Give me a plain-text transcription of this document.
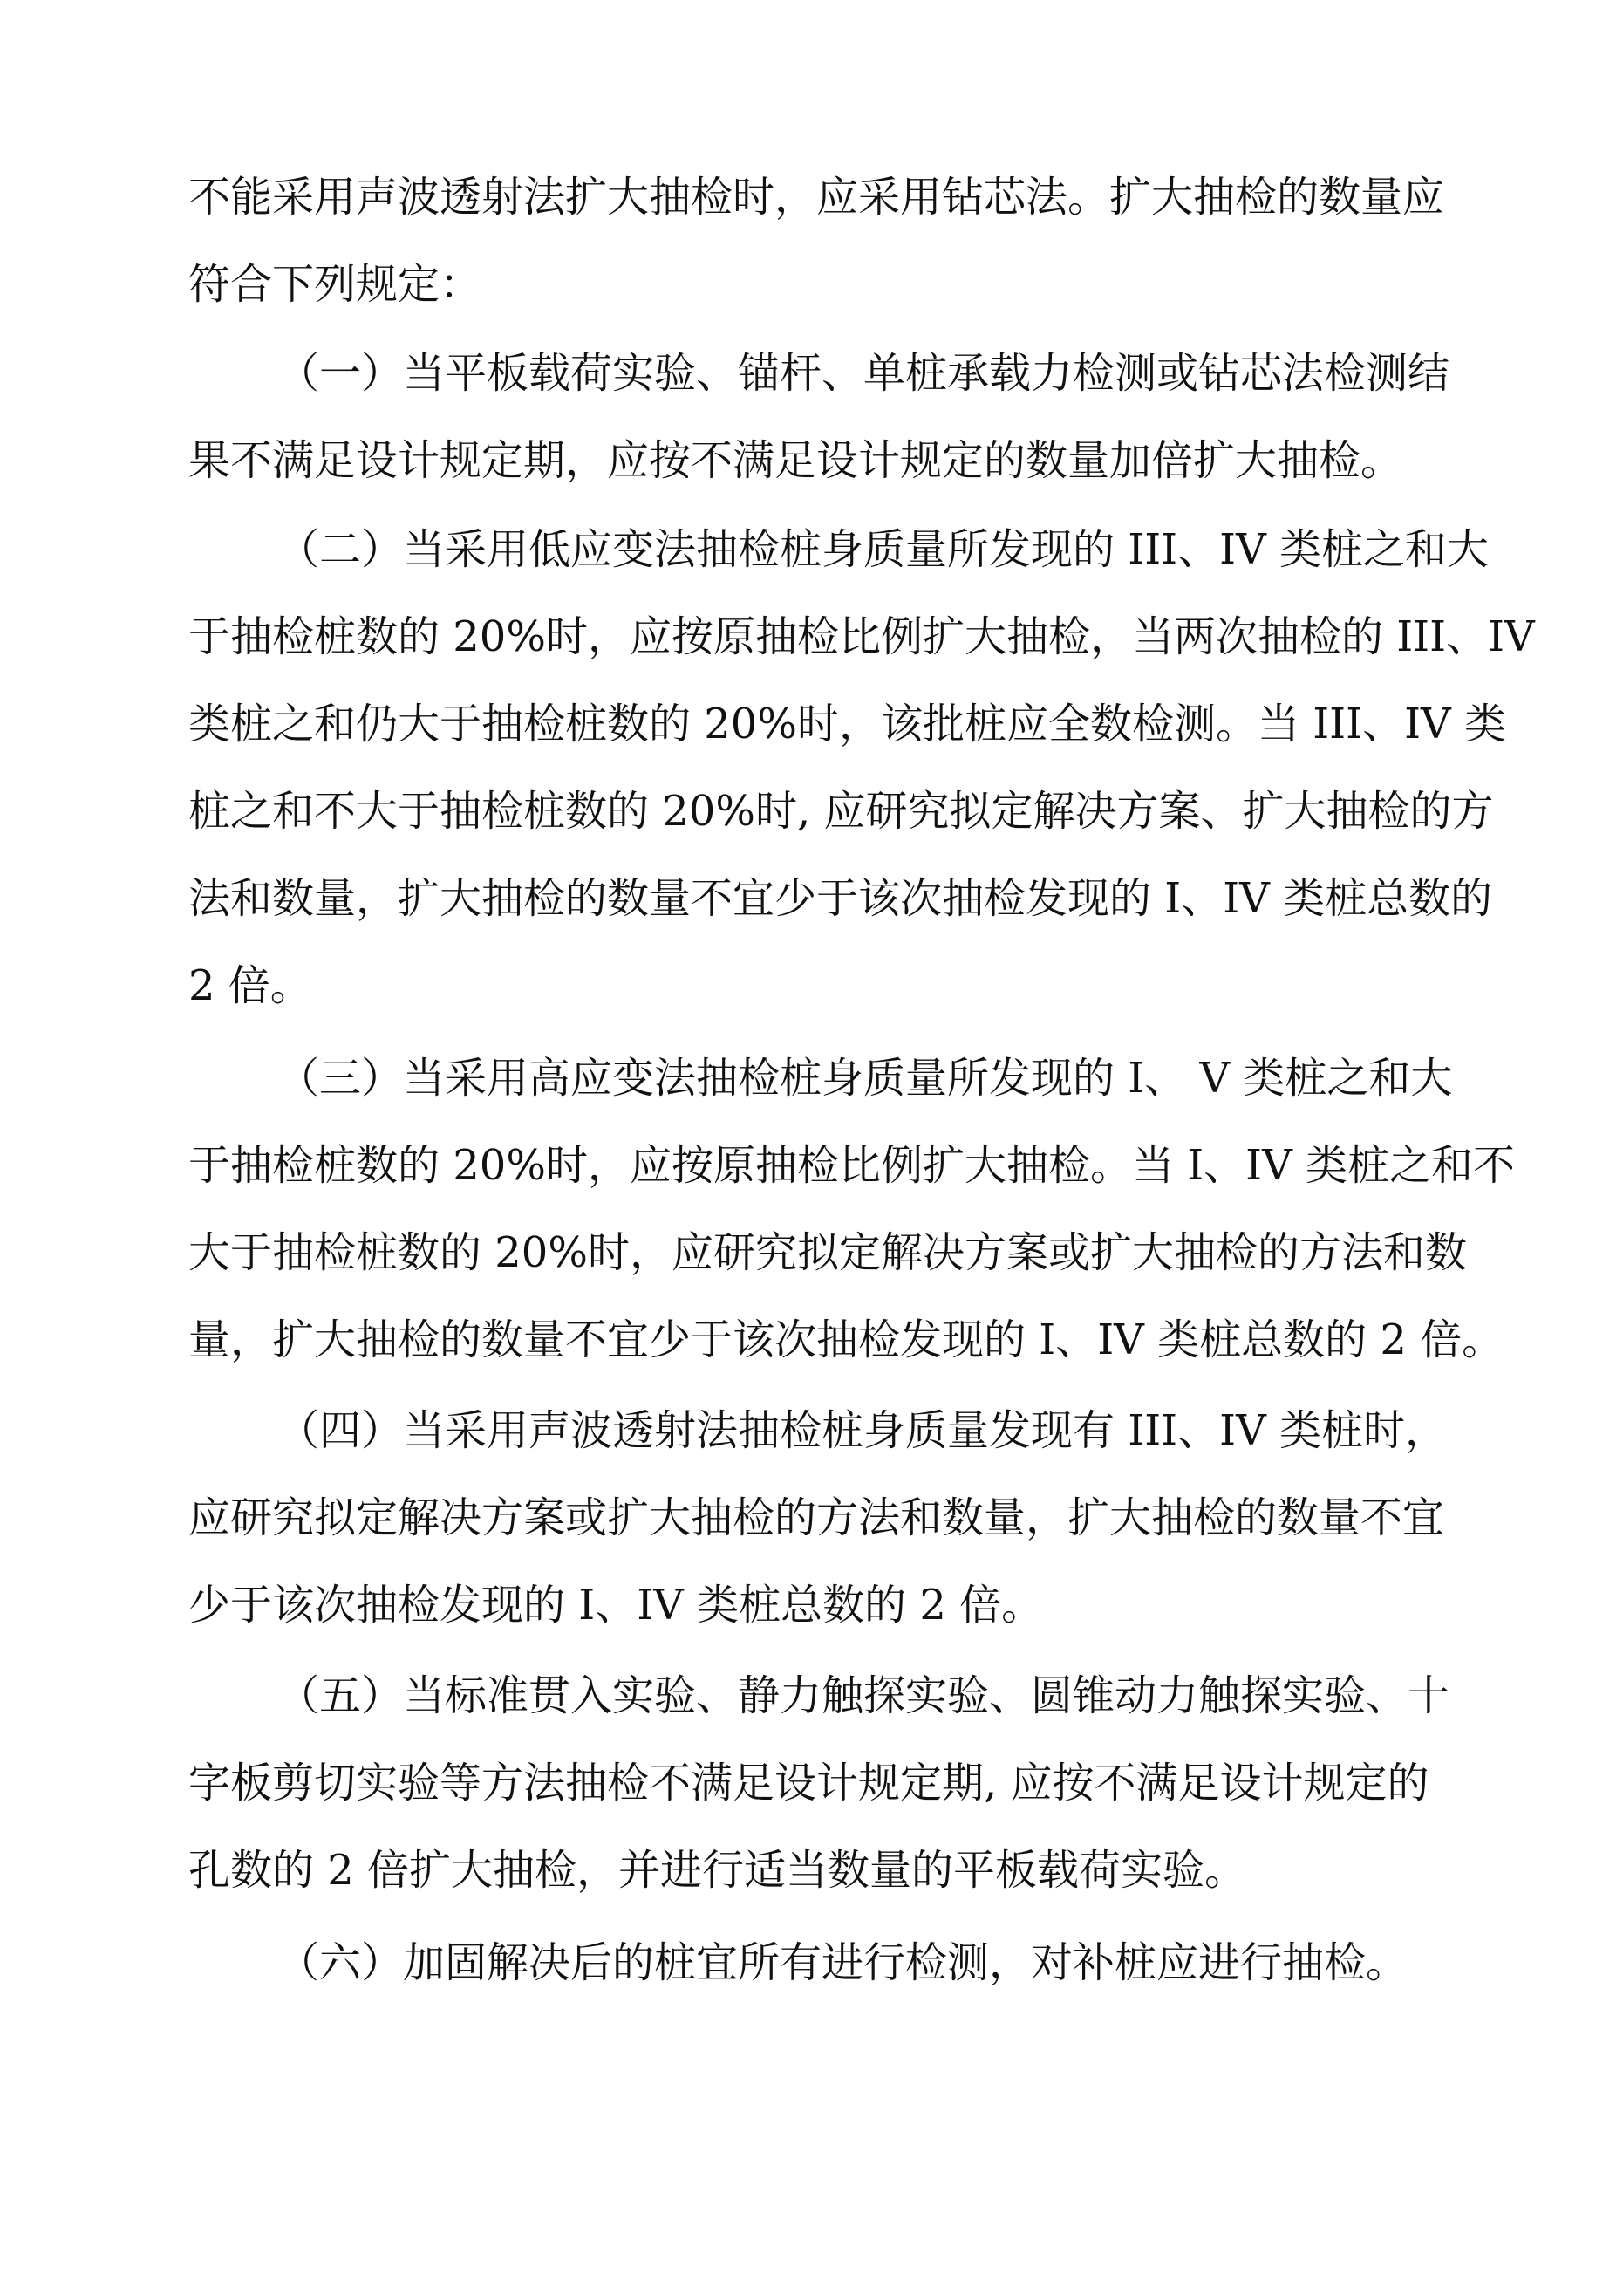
不能采用声波透射法扩大抽检时，应采用钻芯法。扩大抽检的数量应
符合下列规定：
（一）当平板载荷实验、锚杆、单桩承载力检测或钻芯法检测结
果不满足设计规定期，应按不满足设计规定的数量加倍扩大抽检。
（二）当采用低应变法抽检桩身质量所发现的 III、IV 类桩之和大
于抽检桩数的 20%时，应按原抽检比例扩大抽检，当两次抽检的 III、IV
类桩之和仍大于抽检桩数的 20%时，该批桩应全数检测。当 III、IV 类
桩之和不大于抽检桩数的 20%时, 应研究拟定解决方案、扩大抽检的方
法和数量，扩大抽检的数量不宜少于该次抽检发现的 I、IV 类桩总数的
2 倍。
（三）当采用高应变法抽检桩身质量所发现的 I、 V 类桩之和大
于抽检桩数的 20%时，应按原抽检比例扩大抽检。当 I、IV 类桩之和不
大于抽检桩数的 20%时，应研究拟定解决方案或扩大抽检的方法和数
量，扩大抽检的数量不宜少于该次抽检发现的 I、IV 类桩总数的 2 倍。
（四）当采用声波透射法抽检桩身质量发现有 III、IV 类桩时，
应研究拟定解决方案或扩大抽检的方法和数量，扩大抽检的数量不宜
少于该次抽检发现的 I、IV 类桩总数的 2 倍。
（五）当标准贯入实验、静力触探实验、圆锥动力触探实验、十
字板剪切实验等方法抽检不满足设计规定期, 应按不满足设计规定的
孔数的 2 倍扩大抽检，并进行适当数量的平板载荷实验。
（六）加固解决后的桩宜所有进行检测，对补桩应进行抽检。
